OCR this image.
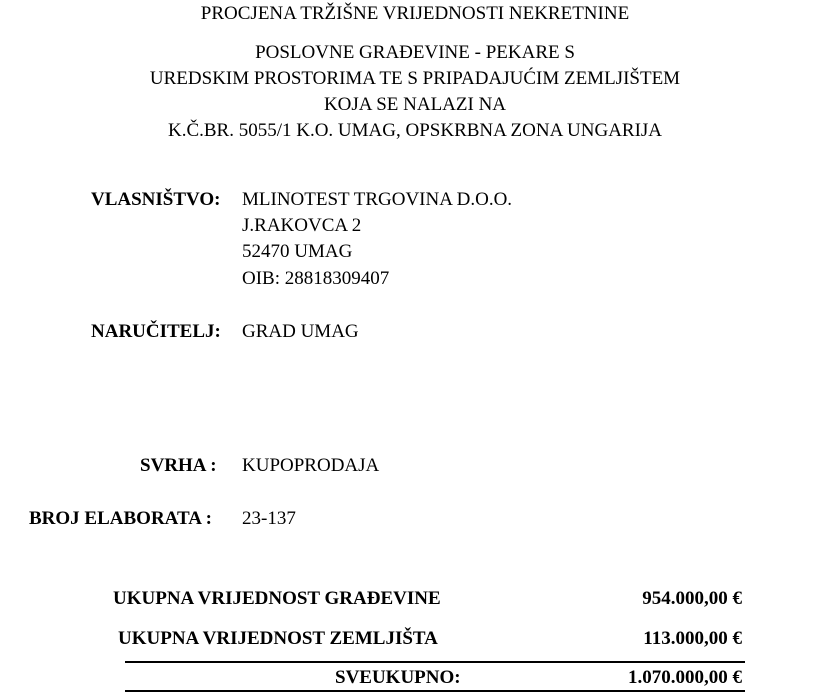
PROCJENA TRŽIŠNE VRIJEDNOSTI NEKRETNINE
POSLOVNE GRAĐEVINE - PEKARE S
UREDSKIM PROSTORIMA TE S PRIPADAJUĆIM ZEMLJIŠTEM
KOJA SE NALAZI NA
K.Č.BR. 5055/1 K.O. UMAG, OPSKRBNA ZONA UNGARIJA
VLASNIŠTVO: MLINOTEST TRGOVINA D.O.O.
J.RAKOVCA 2
52470 UMAG
OIB: 28818309407
NARUČITELJ: GRAD UMAG
SVRHA : KUPOPRODAJA
BROJ ELABORATA : 23-137
UKUPNA VRIJEDNOST GRAĐEVINE	954.000,00 €
UKUPNA VRIJEDNOST ZEMLJIŠTA	113.000,00 €
SVEUKUPNO:	1.070.000,00 €
